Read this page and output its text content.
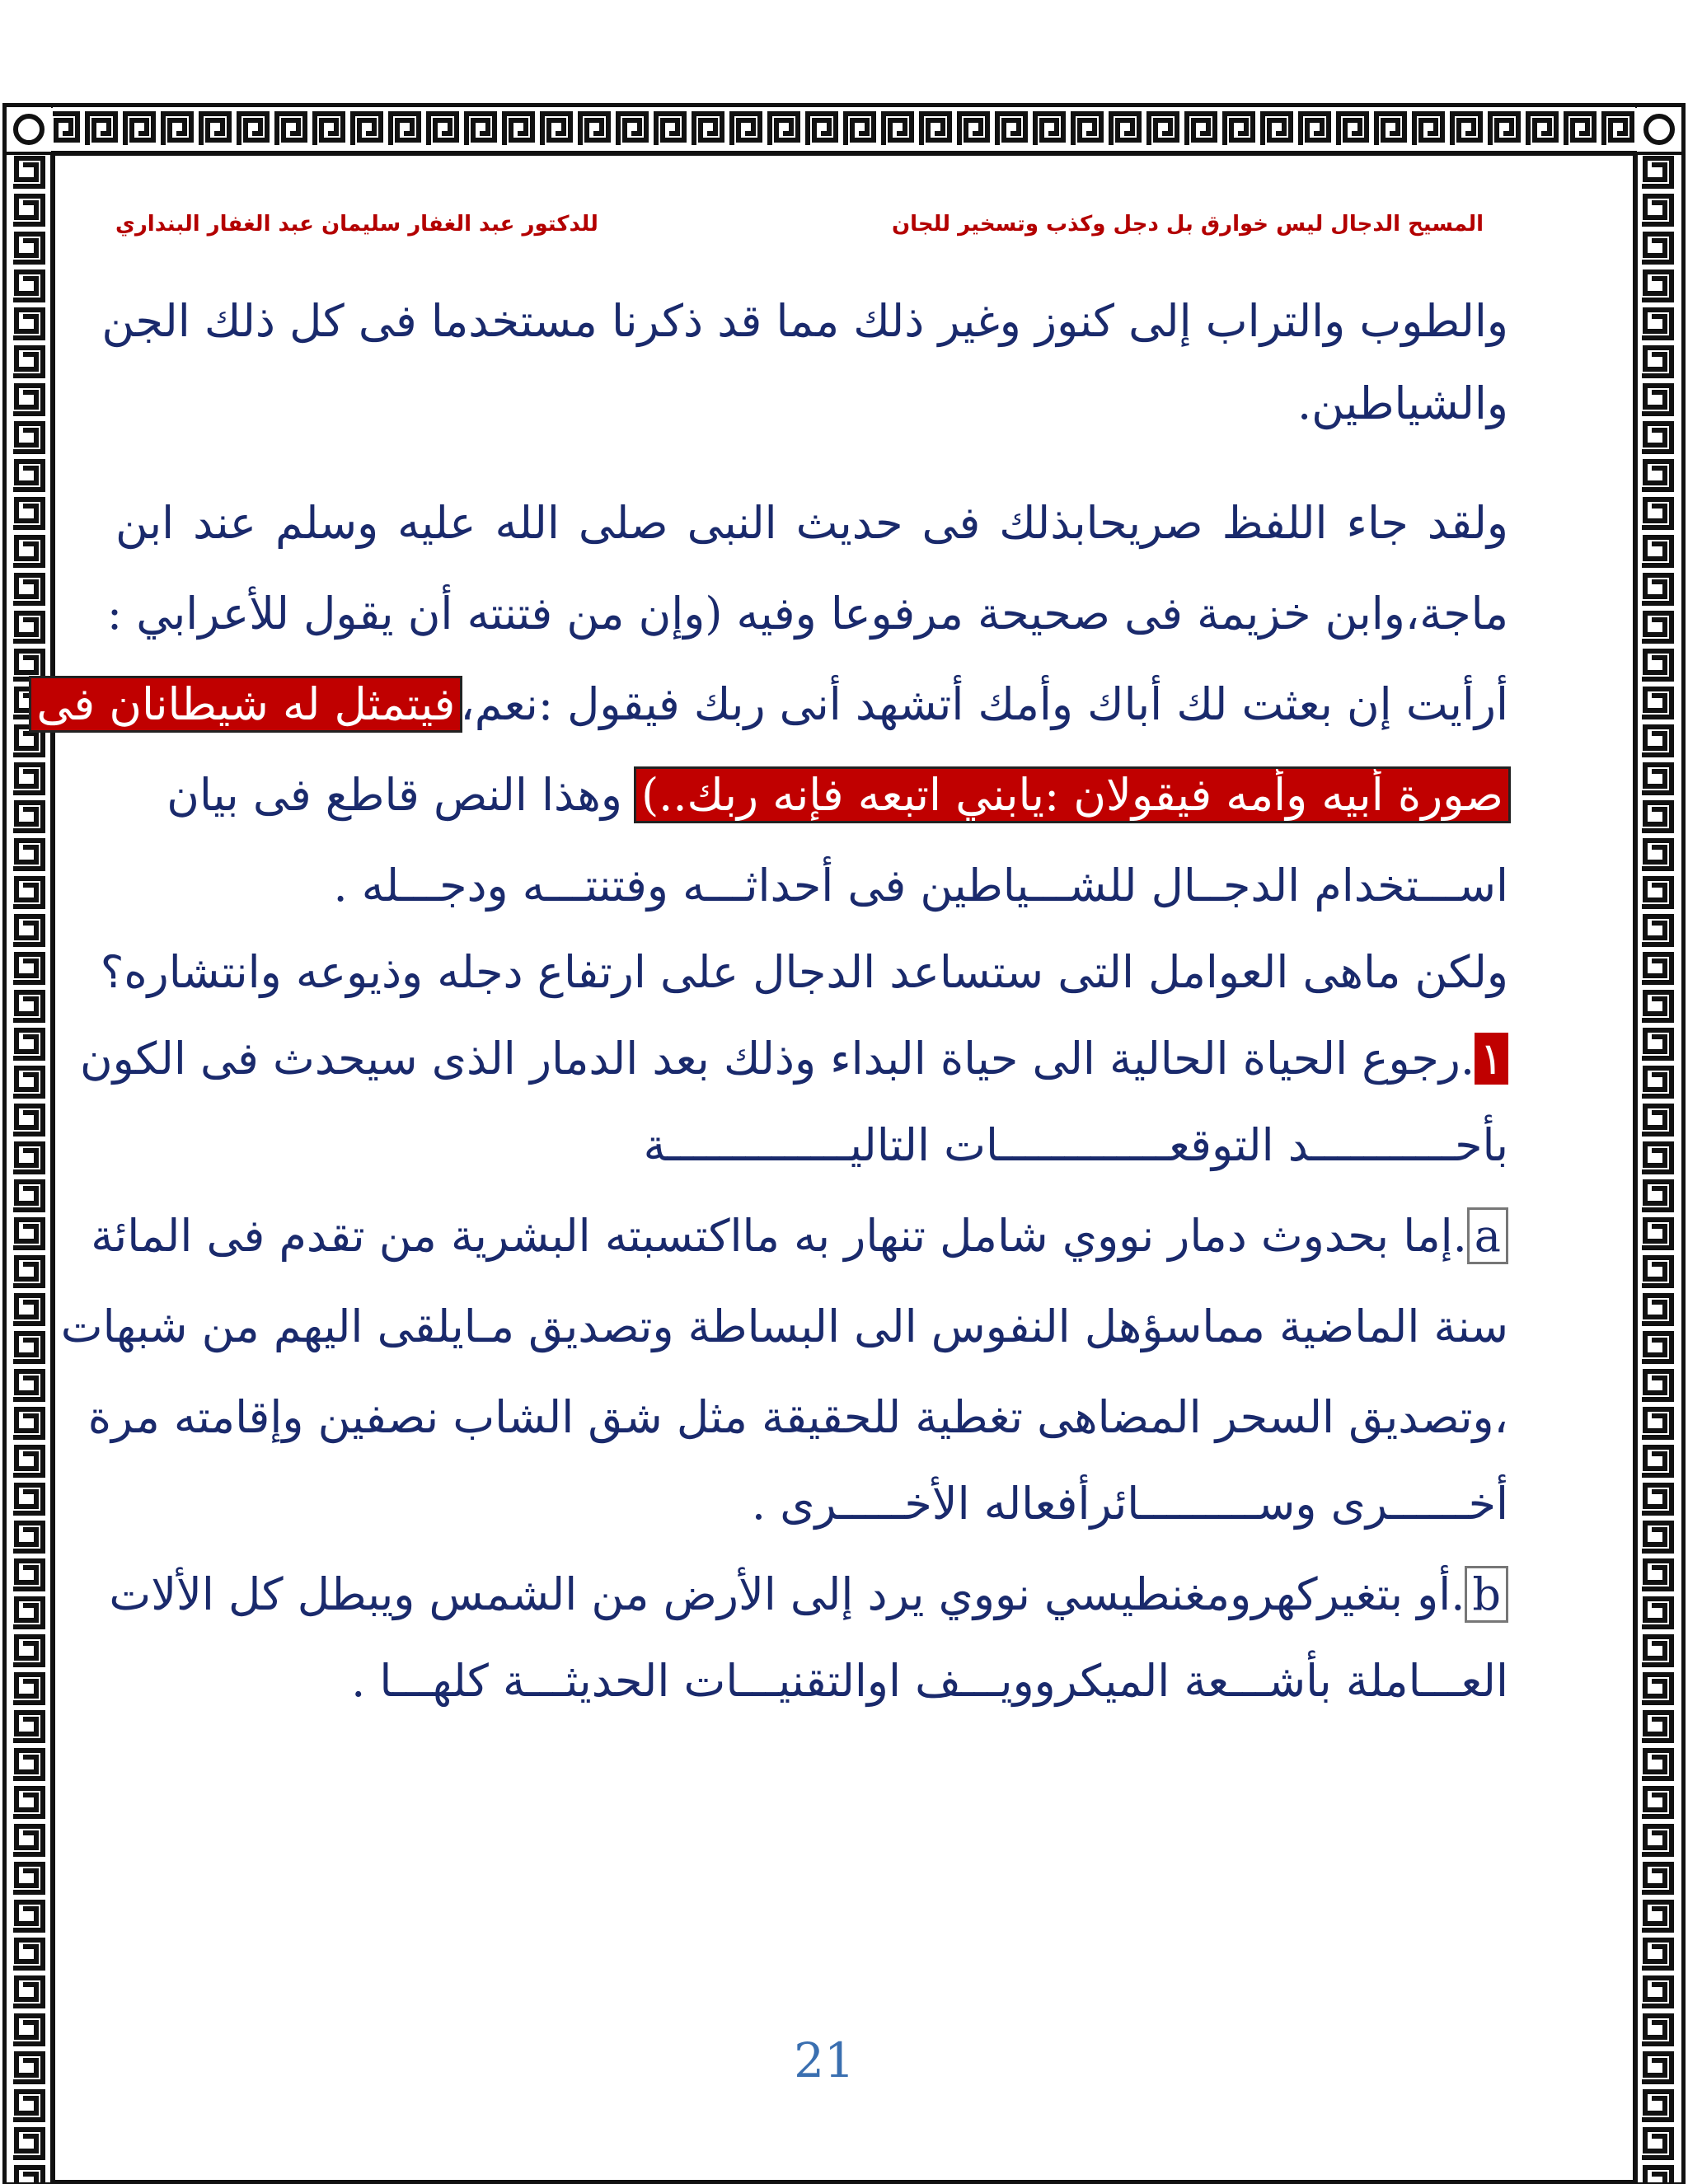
المسيح الدجال ليس خوارق بل دجل وكذب وتسخير للجان
للدكتور عبد الغفار سليمان عبد الغفار البنداري
والطوب والتراب إلى كنوز وغير ذلك مما قد ذكرنا مستخدما فى كل ذلك الجن
والشياطين.
ولقد جاء اللفظ صريحابذلك فى حديث النبى صلى الله عليه وسلم عند ابن
ماجة،وابن خزيمة فى صحيحة مرفوعا وفيه (وإن من فتنته أن يقول للأعرابي :
أرأيت إن بعثت لك أباك وأمك أتشهد أنى ربك فيقول :نعم،فيتمثل له شيطانان فى
صورة أبيه وأمه فيقولان :يابني اتبعه فإنه ربك..) وهذا النص قاطع فى بيان
اســـتخدام الدجــال للشـــياطين فى أحداثـــه وفتنتـــه ودجـــله .
ولكن ماهى العوامل التى ستساعد الدجال على ارتفاع دجله وذيوعه وانتشاره؟
١.رجوع الحياة الحالية الى حياة البداء وذلك بعد الدمار الذى سيحدث فى الكون
بأحـــــــــــد التوقعـــــــــــــات التاليــــــــــــــة
a.إما بحدوث دمار نووي شامل تنهار به مااكتسبته البشرية من تقدم فى المائة
سنة الماضية مماسؤهل النفوس الى البساطة وتصديق مـايلقى اليهم من شبهات
،وتصديق السحر المضاهى تغطية للحقيقة مثل شق الشاب نصفين وإقامته مرة
أخــــــرى وســـــــــائرأفعاله الأخـــــرى .
b.أو بتغيركهرومغنطيسي نووي يرد إلى الأرض من الشمس ويبطل كل الألات
العـــاملة بأشـــعة الميكروويـــف اوالتقنيـــات الحديثـــة كلهـــا .
21
